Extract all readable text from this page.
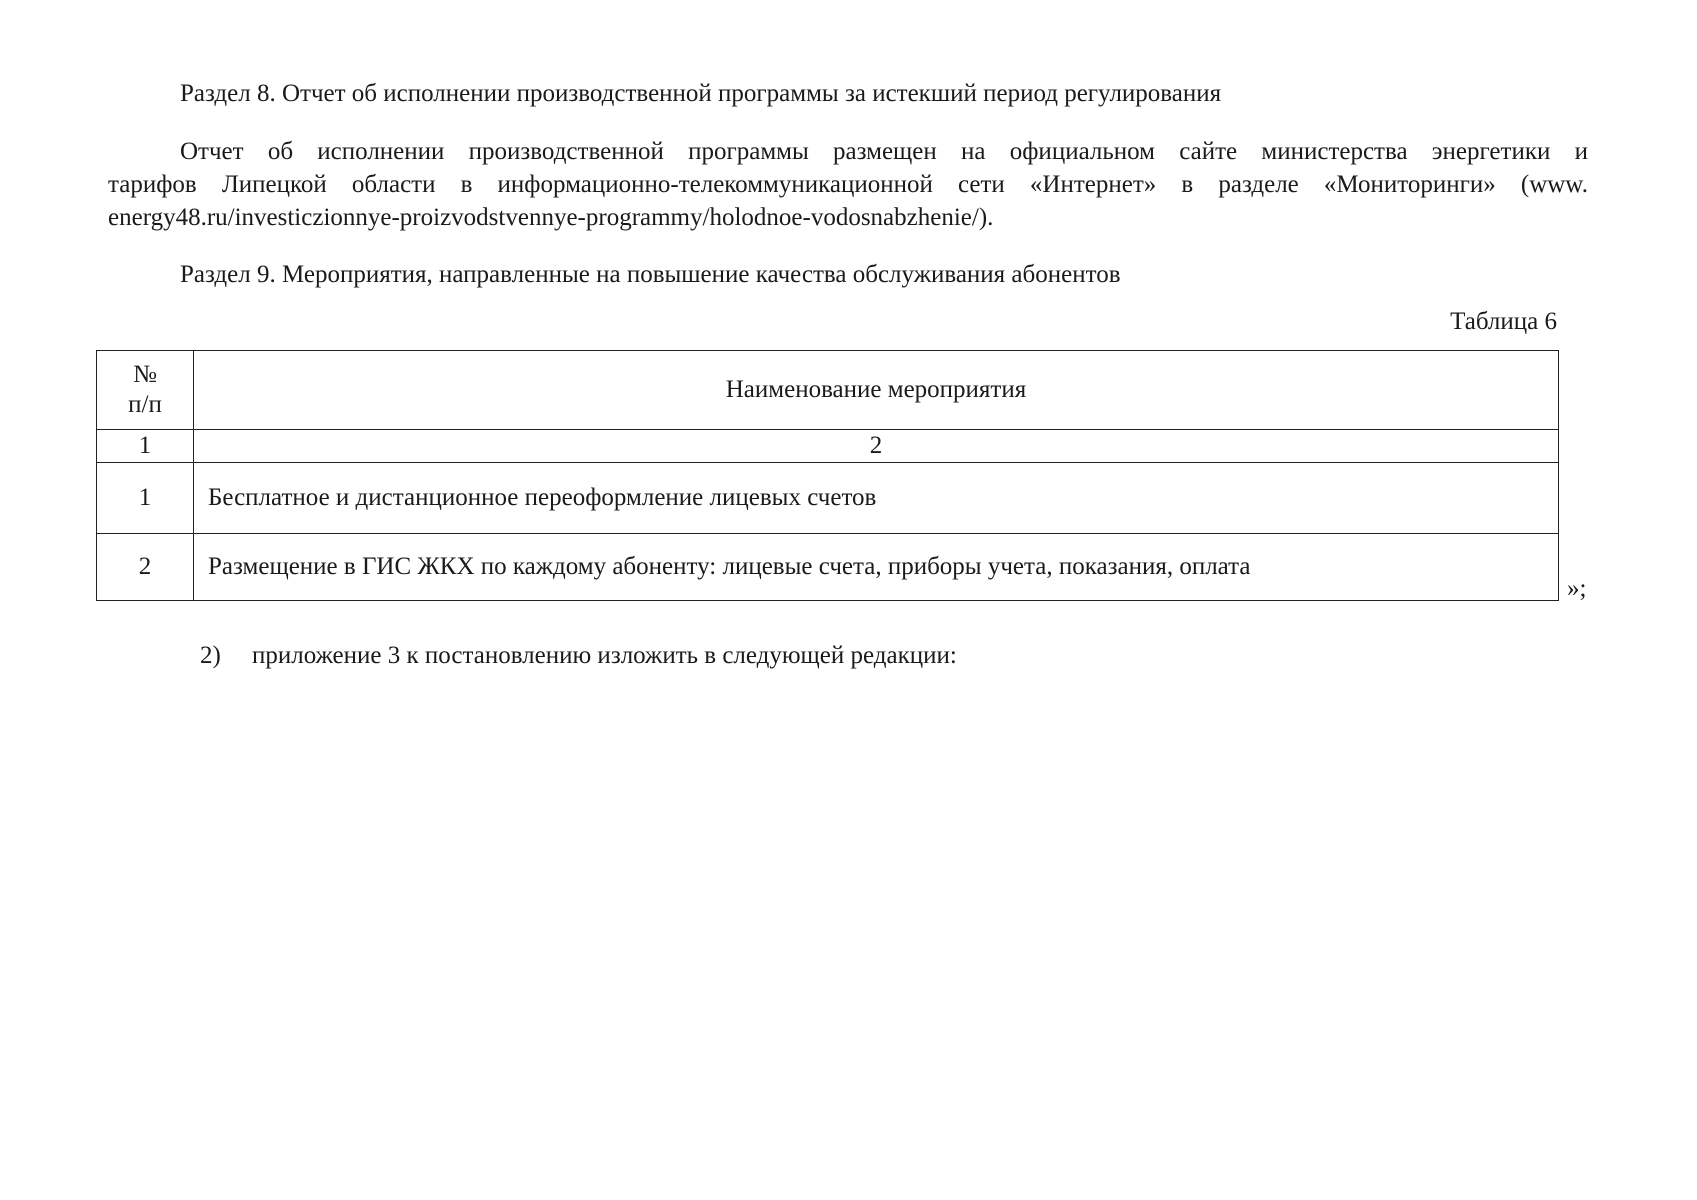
Раздел 8. Отчет об исполнении производственной программы за истекший период регулирования
Отчет об исполнении производственной программы размещен на официальном сайте министерства энергетики и
тарифов Липецкой области в информационно-телекоммуникационной сети «Интернет» в разделе «Мониторинги» (www.
energy48.ru/investiczionnye-proizvodstvennye-programmy/holodnoe-vodosnabzhenie/).
Раздел 9. Мероприятия, направленные на повышение качества обслуживания абонентов
Таблица 6
№
п/п	Наименование мероприятия
1	2
1	Бесплатное и дистанционное переоформление лицевых счетов
2	Размещение в ГИС ЖКХ по каждому абоненту: лицевые счета, приборы учета, показания, оплата
»;
2) приложение 3 к постановлению изложить в следующей редакции:
